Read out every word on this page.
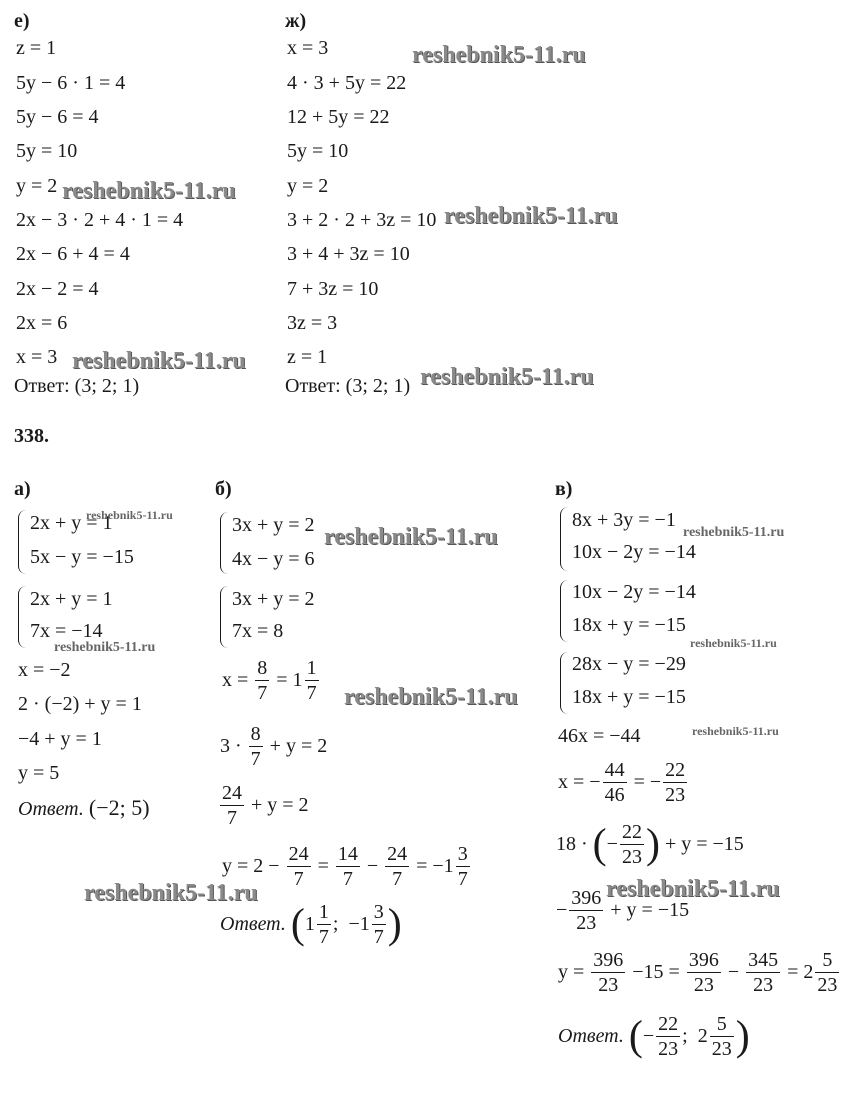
е)
z = 1
5y − 6 · 1 = 4
5y − 6 = 4
5y = 10
y = 2
2x − 3 · 2 + 4 · 1 = 4
2x − 6 + 4 = 4
2x − 2 = 4
2x = 6
x = 3
Ответ: (3; 2; 1)
ж)
x = 3
4 · 3 + 5y = 22
12 + 5y = 22
5y = 10
y = 2
3 + 2 · 2 + 3z = 10
3 + 4 + 3z = 10
7 + 3z = 10
3z = 3
z = 1
Ответ: (3; 2; 1)
338.
а)
2x + y = 1
5x − y = −15
2x + y = 1
7x = −14
x = −2
2 · (−2) + y = 1
−4 + y = 1
y = 5
Ответ. (−2; 5)
б)
3x + y = 2
4x − y = 6
3x + y = 2
7x = 8
$x = \frac{8}{7} = 1 \frac{1}{7}$
$3 \cdot \frac{8}{7} + y = 2$
$\frac{24}{7} + y = 2$
$y = 2 - \frac{24}{7} = \frac{14}{7} - \frac{24}{7} = -1 \frac{3}{7}$
Ответ. ($1 \frac{1}{7}$ ; $-1 \frac{3}{7}$ )
в)
8x + 3y = −1
10x − 2y = −14
10x − 2y = −14
18x + y = −15
28x − y = −29
18x + y = −15
46x = −44
x = − $\frac{44}{46}$ = − $\frac{22}{23}$
18 · (− $\frac{22}{23}$ ) + y = −15
− $\frac{396}{23} + y = -15$
$y = \frac{396}{23} -15 = \frac{396}{23} - \frac{345}{23} = 2 \frac{5}{23}$
Ответ. (− $\frac{22}{23}$ ; $2 \frac{5}{23}$ )
reshebnik5-11.ru
reshebnik5-11.ru
reshebnik5-11.ru
reshebnik5-11.ru
reshebnik5-11.ru
reshebnik5-11.ru
reshebnik5-11.ru	reshebnik5-11.ru
reshebnik5-11.ru	reshebnik5-11.ru
reshebnik5-11.ru
reshebnik5-11.ru
reshebnik5-11.ru	reshebnik5-11.ru
